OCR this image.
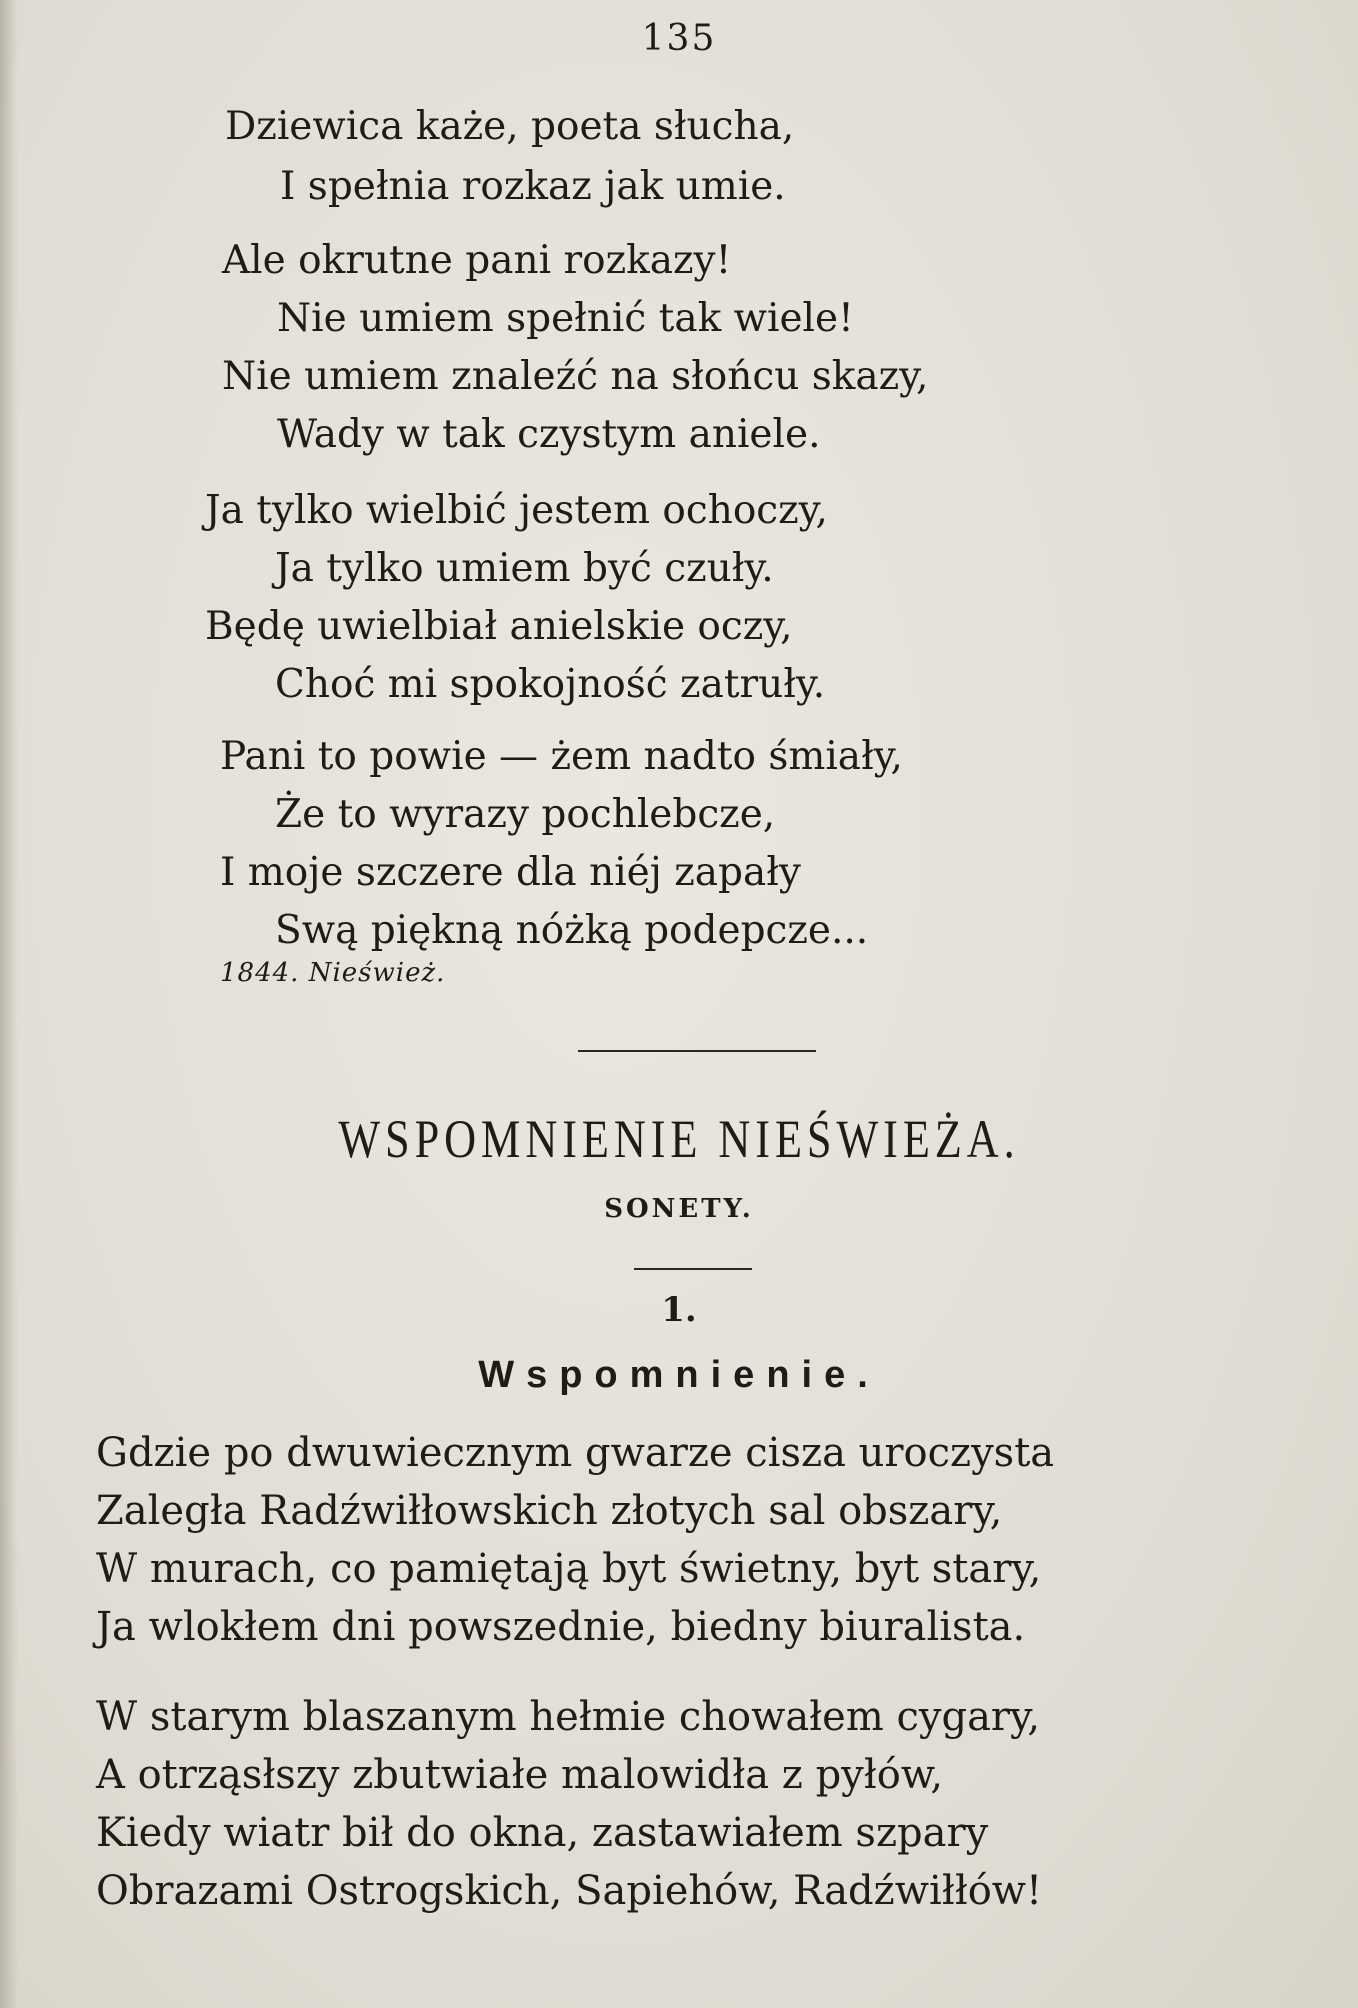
135

Dziewica każe, poeta słucha,

I spełnia rozkaz jak umie.

Ale okrutne pani rozkazy!

Nie umiem spełnić tak wiele!

Nie umiem znaleźć na słońcu skazy,

Wady w tak czystym aniele.

Ja tylko wielbić jestem ochoczy,

Ja tylko umiem być czuły.

Będę uwielbiał anielskie oczy,

Choć mi spokojność zatruły.

Pani to powie — żem nadto śmiały,

Że to wyrazy pochlebcze,

I moje szczere dla niéj zapały

Swą piękną nóżką podepcze...

1844. Nieśwież.
WSPOMNIENIE NIEŚWIEŻA.
SONETY.
1.
Wspomnienie.

Gdzie po dwuwiecznym gwarze cisza uroczysta

Zaległa Radźwiłłowskich złotych sal obszary,

W murach, co pamiętają byt świetny, byt stary,

Ja wlokłem dni powszednie, biedny biuralista.

W starym blaszanym hełmie chowałem cygary,

A otrząsłszy zbutwiałe malowidła z pyłów,

Kiedy wiatr bił do okna, zastawiałem szpary

Obrazami Ostrogskich, Sapiehów, Radźwiłłów!
